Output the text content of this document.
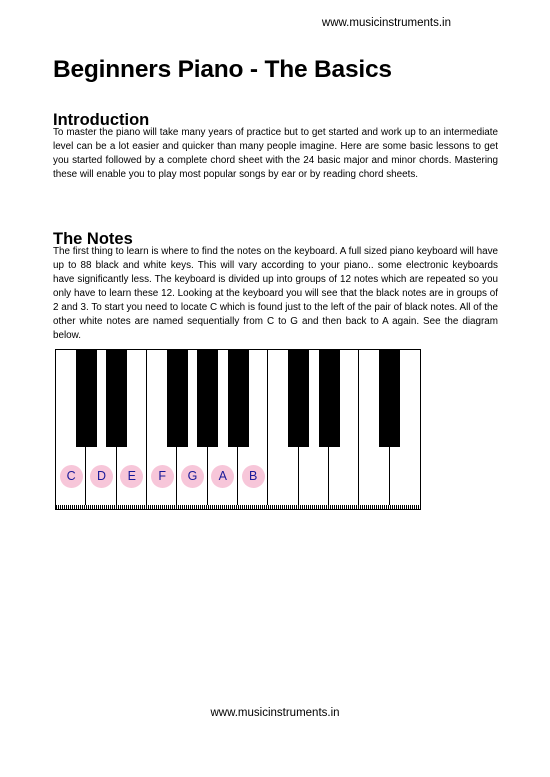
www.musicinstruments.in
Beginners Piano - The Basics
Introduction

To master the piano will take many years of practice but to get started and work up to an intermediate level can be a lot easier and quicker than many people imagine. Here are some basic lessons to get you started followed by a complete chord sheet with the 24 basic major and minor chords. Mastering these will enable you to play most popular songs by ear or by reading chord sheets.

The Notes

The first thing to learn is where to find the notes on the keyboard. A full sized piano keyboard will have up to 88 black and white keys. This will vary according to your piano.. some electronic keyboards have significantly less. The keyboard is divided up into groups of 12 notes which are repeated so you only have to learn these 12. Looking at the keyboard you will see that the black notes are in groups of 2 and 3. To start you need to locate C which is found just to the left of the pair of black notes. All of the other white notes are named sequentially from C to G and then back to A again. See the diagram below.

C	D	E	F	G	A	B
www.musicinstruments.in
